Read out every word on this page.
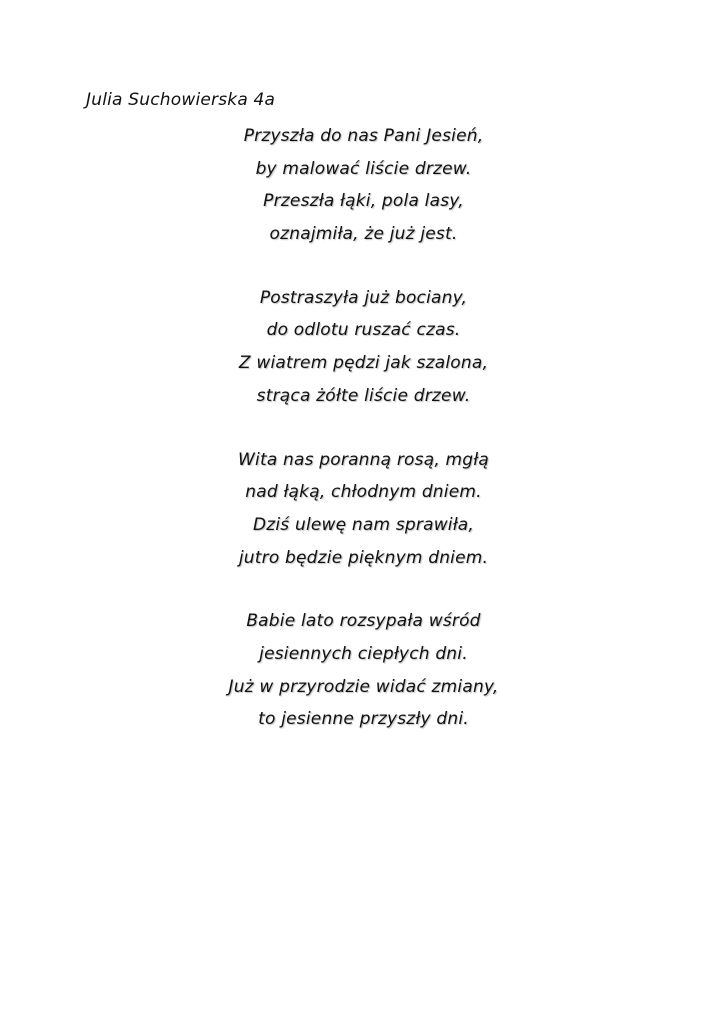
Julia Suchowierska 4a
Przyszła do nas Pani Jesień,
by malować liście drzew.
Przeszła łąki, pola lasy,
oznajmiła, że już jest.
Postraszyła już bociany,
do odlotu ruszać czas.
Z wiatrem pędzi jak szalona,
strąca żółte liście drzew.
Wita nas poranną rosą, mgłą
nad łąką, chłodnym dniem.
Dziś ulewę nam sprawiła,
jutro będzie pięknym dniem.
Babie lato rozsypała wśród
jesiennych ciepłych dni.
Już w przyrodzie widać zmiany,
to jesienne przyszły dni.
